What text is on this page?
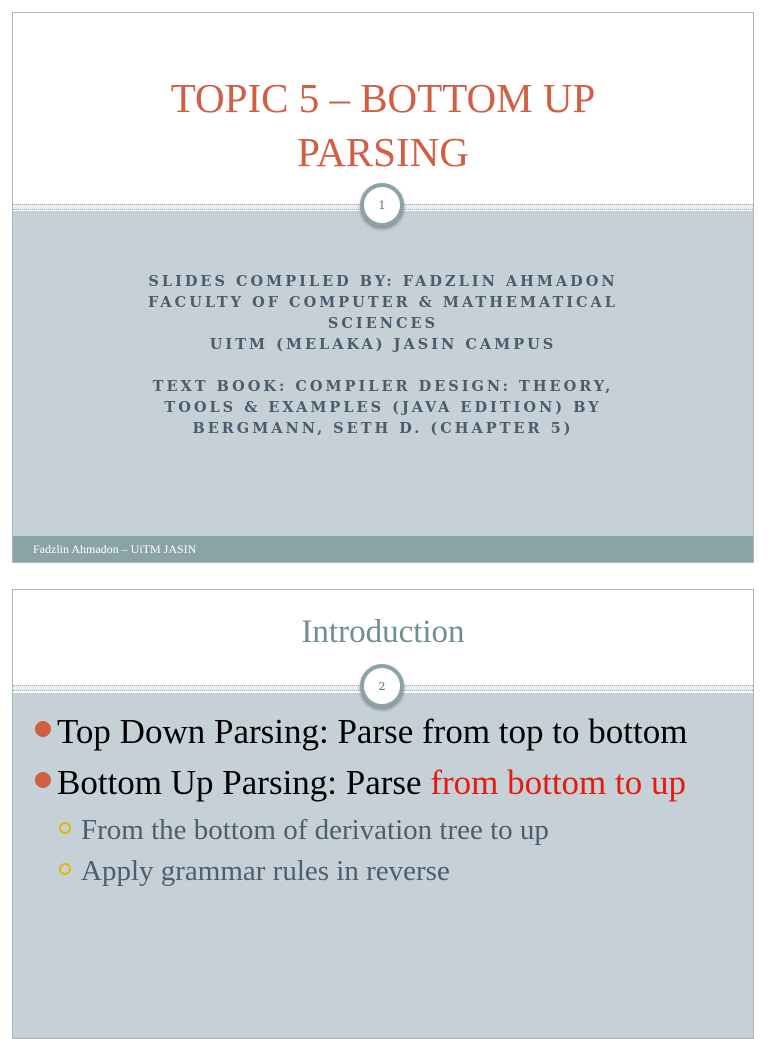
TOPIC 5 – BOTTOM UP
PARSING
1
SLIDES COMPILED BY: FADZLIN AHMADON
FACULTY OF COMPUTER & MATHEMATICAL
SCIENCES
UITM (MELAKA) JASIN CAMPUS
TEXT BOOK: COMPILER DESIGN: THEORY,
TOOLS & EXAMPLES (JAVA EDITION) BY
BERGMANN, SETH D. (CHAPTER 5)
Fadzlin Ahmadon – UiTM JASIN
Introduction
2
Top Down Parsing: Parse from top to bottom
Bottom Up Parsing: Parse from bottom to up
From the bottom of derivation tree to up
Apply grammar rules in reverse
